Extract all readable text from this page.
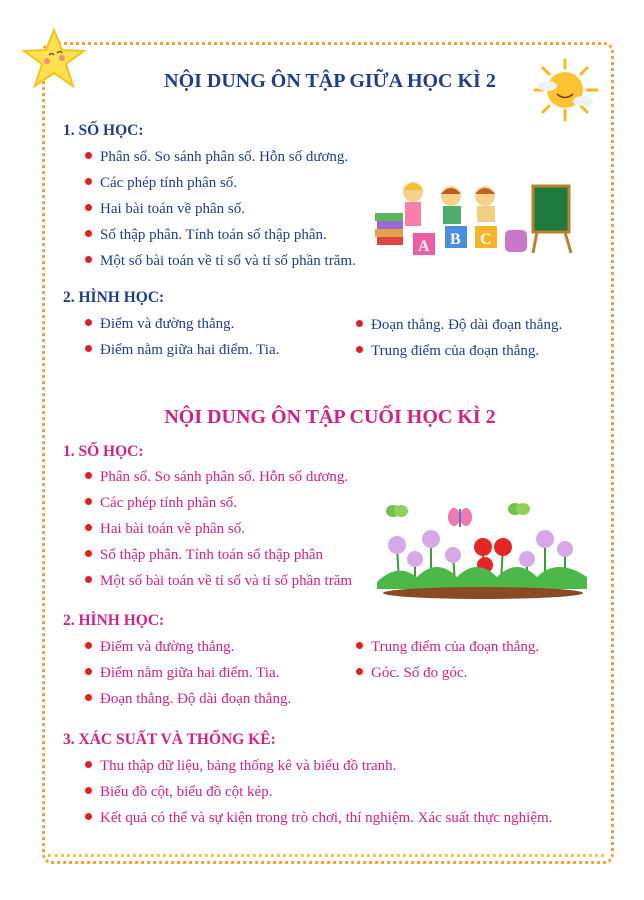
NỘI DUNG ÔN TẬP GIỮA HỌC KÌ 2
1. SỐ HỌC:
Phân số. So sánh phân số. Hỗn số dương.
Các phép tính phân số.
Hai bài toán về phân số.
Số thập phân. Tính toán số thập phân.
Một số bài toán về tỉ số và tỉ số phần trăm.
A B C
2. HÌNH HỌC:
Điểm và đường thẳng.
Điểm nằm giữa hai điểm. Tia.
Đoạn thẳng. Độ dài đoạn thẳng.
Trung điểm của đoạn thẳng.
NỘI DUNG ÔN TẬP CUỐI HỌC KÌ 2
1. SỐ HỌC:
Phân số. So sánh phân số. Hỗn số dương.
Các phép tính phân số.
Hai bài toán về phân số.
Số thập phân. Tính toán số thập phân
Một số bài toán về tỉ số và tỉ số phần trăm
2. HÌNH HỌC:
Điểm và đường thẳng.
Điểm nằm giữa hai điểm. Tia.
Đoạn thẳng. Độ dài đoạn thẳng.
Trung điểm của đoạn thẳng.
Góc. Số đo góc.
3. XÁC SUẤT VÀ THỐNG KÊ:
Thu thập dữ liệu, bảng thống kê và biểu đồ tranh.
Biểu đồ cột, biểu đồ cột kép.
Kết quả có thể và sự kiện trong trò chơi, thí nghiệm. Xác suất thực nghiệm.
